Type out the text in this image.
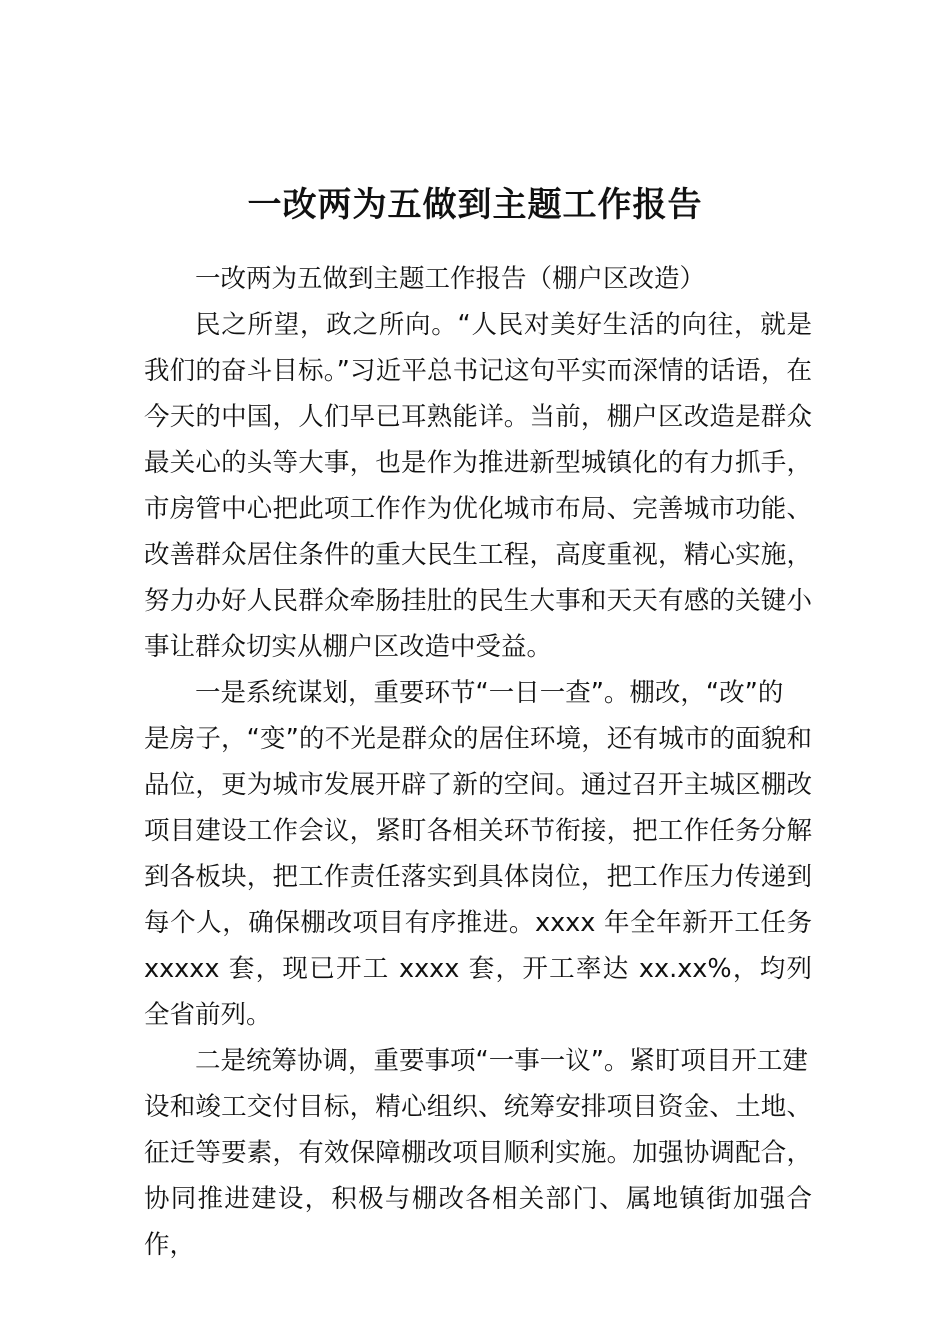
一改两为五做到主题工作报告

一改两为五做到主题工作报告（棚户区改造）

民之所望，政之所向。“人民对美好生活的向往，就是我们的奋斗目标。”习近平总书记这句平实而深情的话语，在今天的中国，人们早已耳熟能详。当前，棚户区改造是群众最关心的头等大事，也是作为推进新型城镇化的有力抓手，市房管中心把此项工作作为优化城市布局、完善城市功能、改善群众居住条件的重大民生工程，高度重视，精心实施，努力办好人民群众牵肠挂肚的民生大事和天天有感的关键小事让群众切实从棚户区改造中受益。

一是系统谋划，重要环节“一日一查”。棚改，“改”的

是房子，“变”的不光是群众的居住环境，还有城市的面貌和品位，更为城市发展开辟了新的空间。通过召开主城区棚改项目建设工作会议，紧盯各相关环节衔接，把工作任务分解到各板块，把工作责任落实到具体岗位，把工作压力传递到每个人，确保棚改项目有序推进。xxxx 年全年新开工任务 xxxxx 套，现已开工 xxxx 套，开工率达 xx.xx%，均列全省前列。

二是统筹协调，重要事项“一事一议”。紧盯项目开工建

设和竣工交付目标，精心组织、统筹安排项目资金、土地、征迁等要素，有效保障棚改项目顺利实施。加强协调配合，协同推进建设，积极与棚改各相关部门、属地镇街加强合作，
